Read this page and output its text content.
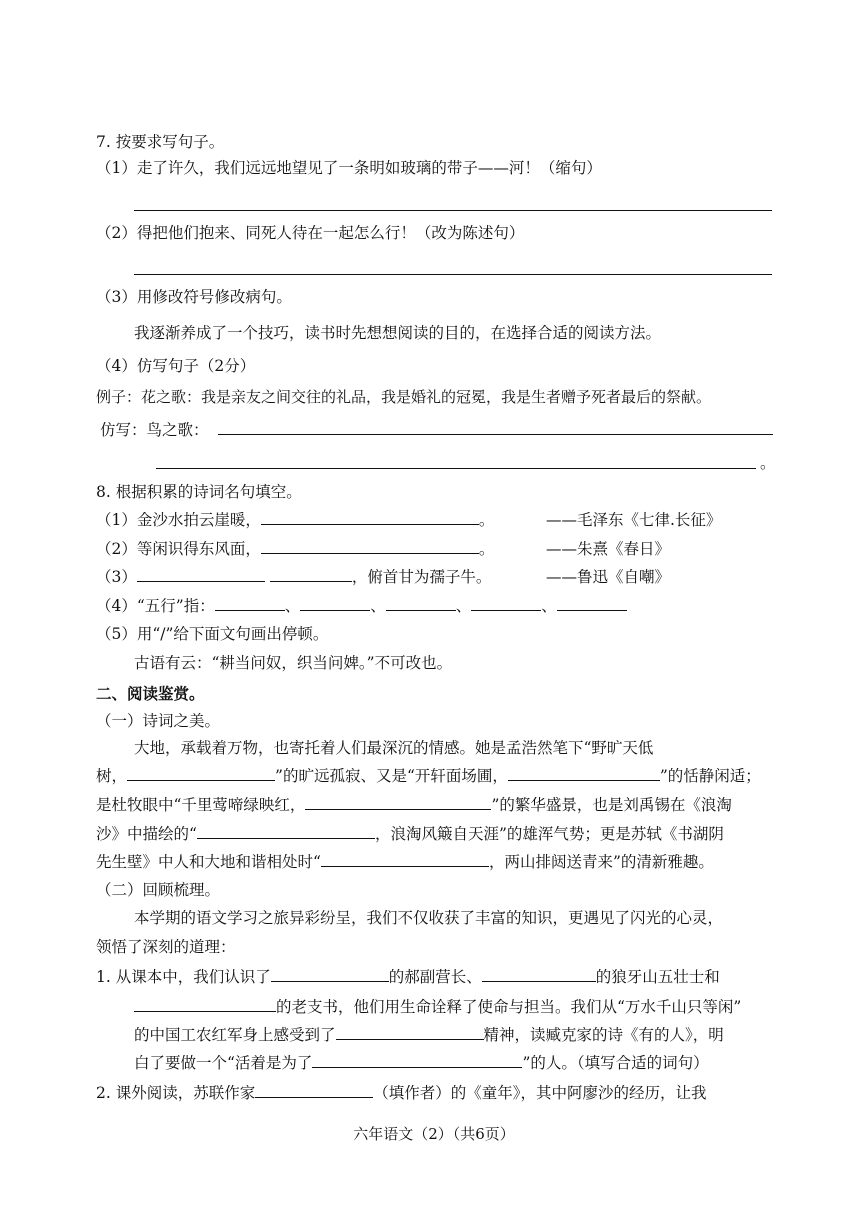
7. 按要求写句子。
（1）走了许久，我们远远地望见了一条明如玻璃的带子——河！（缩句）
（2）得把他们抱来、同死人待在一起怎么行！（改为陈述句）
（3）用修改符号修改病句。
我逐渐养成了一个技巧，读书时先想想阅读的目的，在选择合适的阅读方法。
（4）仿写句子（2分）
例子：花之歌：我是亲友之间交往的礼品，我是婚礼的冠冕，我是生者赠予死者最后的祭献。
仿写：鸟之歌：
。
8. 根据积累的诗词名句填空。
（1）金沙水拍云崖暖，	。	——毛泽东《七律.长征》
（2）等闲识得东风面，	。	——朱熹《春日》
（3）	，俯首甘为孺子牛。	——鲁迅《自嘲》
（4）“五行”指：	、	、	、	、
（5）用“/”给下面文句画出停顿。
古语有云：“耕当问奴，织当问婢。”不可改也。
二、阅读鉴赏。
（一）诗词之美。
大地，承载着万物，也寄托着人们最深沉的情感。她是孟浩然笔下“野旷天低
树，	”的旷远孤寂、又是“开轩面场圃，	”的恬静闲适；
是杜牧眼中“千里莺啼绿映红，	”的繁华盛景，也是刘禹锡在《浪淘
沙》中描绘的“	，浪淘风簸自天涯”的雄浑气势；更是苏轼《书湖阴
先生壁》中人和大地和谐相处时“	，两山排闼送青来”的清新雅趣。
（二）回顾梳理。
本学期的语文学习之旅异彩纷呈，我们不仅收获了丰富的知识，更遇见了闪光的心灵，
领悟了深刻的道理：
1. 从课本中，我们认识了	的郝副营长、	的狼牙山五壮士和
的老支书，他们用生命诠释了使命与担当。我们从“万水千山只等闲”
的中国工农红军身上感受到了	精神，读臧克家的诗《有的人》，明
白了要做一个“活着是为了	”的人。（填写合适的词句）
2. 课外阅读，苏联作家	（填作者）的《童年》，其中阿廖沙的经历，让我
六年语文（2）（共6页）
